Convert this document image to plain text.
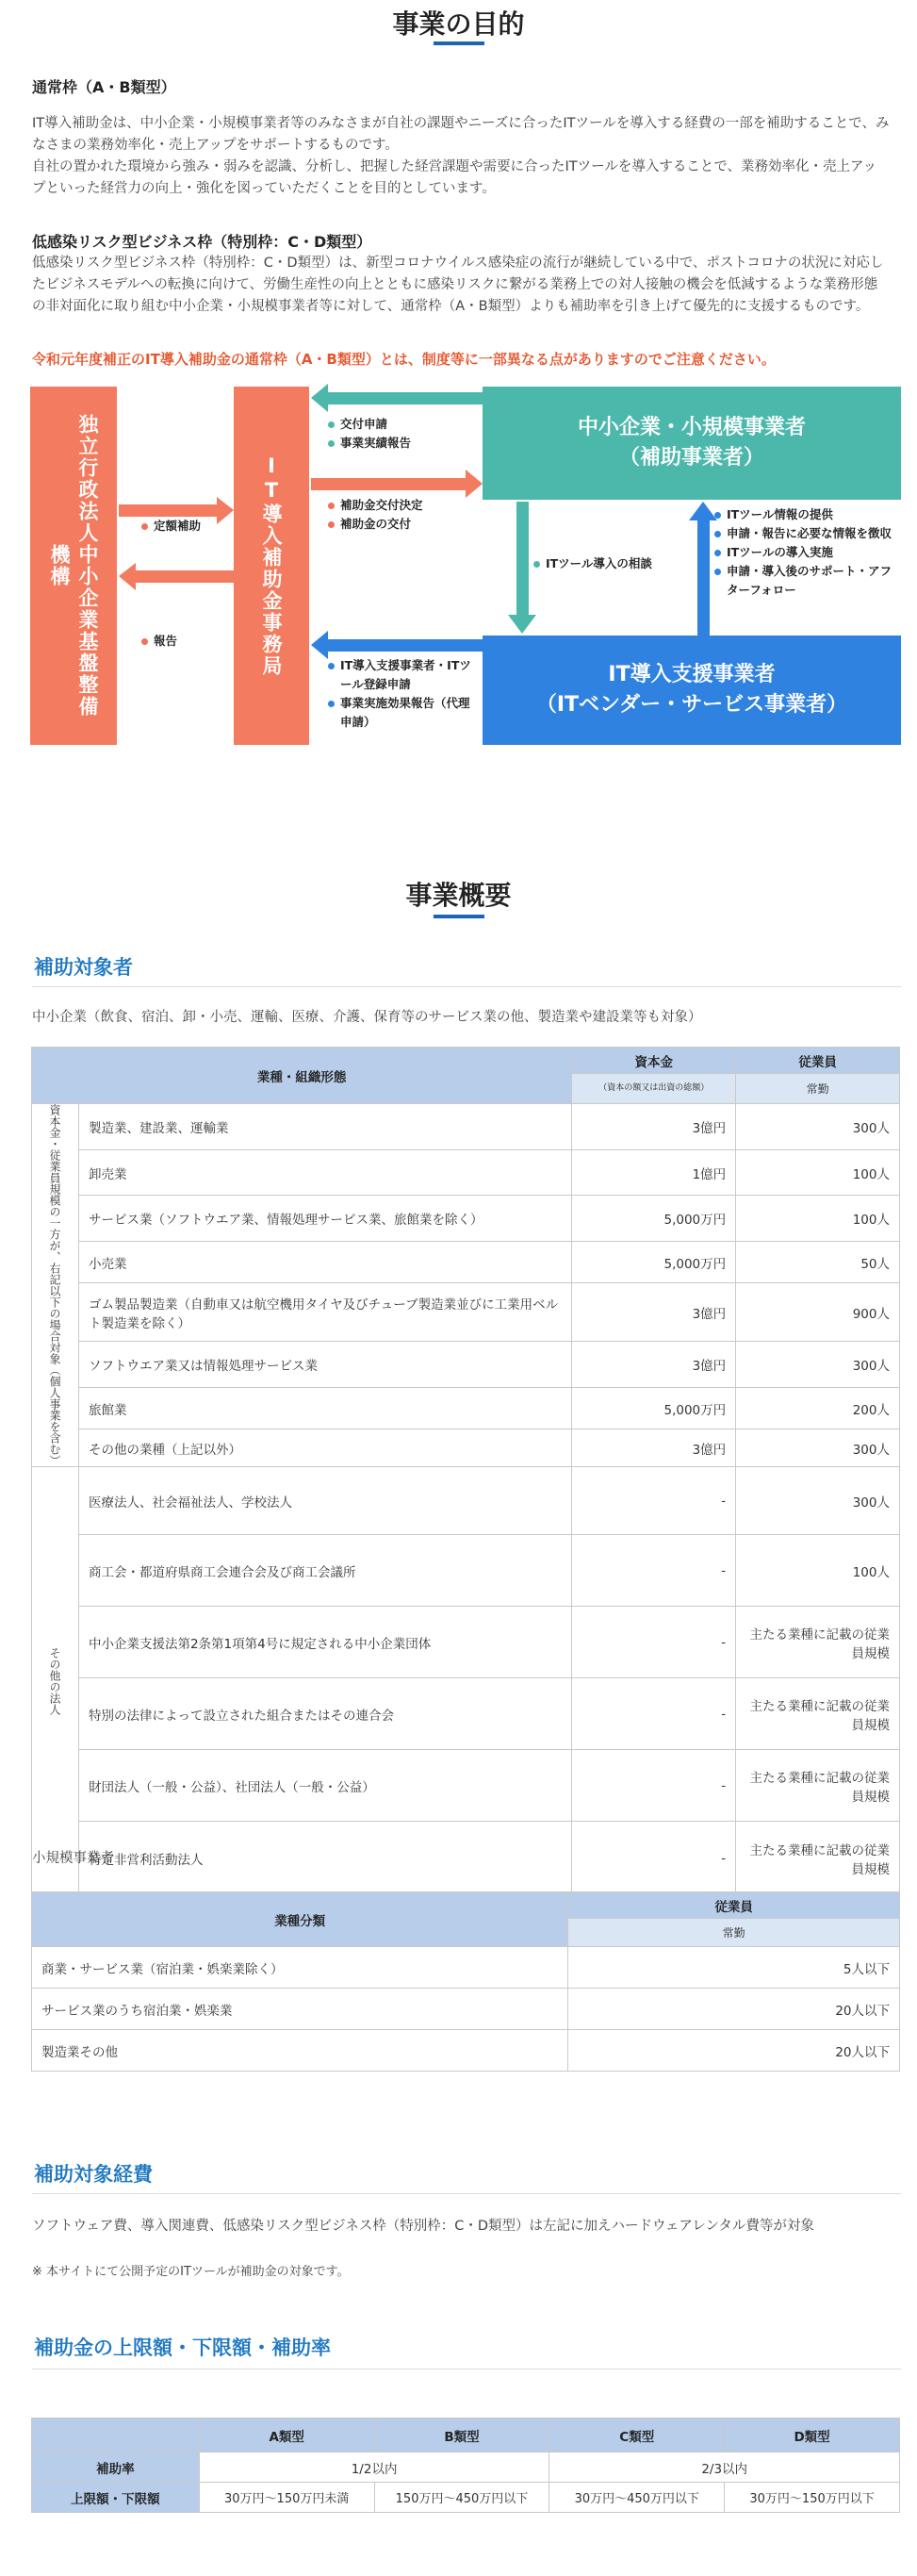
事業の目的
通常枠（A・B類型）
IT導入補助金は、中小企業・小規模事業者等のみなさまが自社の課題やニーズに合ったITツールを導入する経費の一部を補助することで、みなさまの業務効率化・売上アップをサポートするものです。
自社の置かれた環境から強み・弱みを認識、分析し、把握した経営課題や需要に合ったITツールを導入することで、業務効率化・売上アップといった経営力の向上・強化を図っていただくことを目的としています。
低感染リスク型ビジネス枠（特別枠：C・D類型）
低感染リスク型ビジネス枠（特別枠：C・D類型）は、新型コロナウイルス感染症の流行が継続している中で、ポストコロナの状況に対応したビジネスモデルへの転換に向けて、労働生産性の向上とともに感染リスクに繋がる業務上での対人接触の機会を低減するような業務形態の非対面化に取り組む中小企業・小規模事業者等に対して、通常枠（A・B類型）よりも補助率を引き上げて優先的に支援するものです。
令和元年度補正のIT導入補助金の通常枠（A・B類型）とは、制度等に一部異なる点がありますのでご注意ください。
独立行政法人中小企業基盤整備機構	IT導入補助金事務局
中小企業・小規模事業者
（補助事業者）
IT導入支援事業者
（ITベンダー・サービス事業者）
定額補助
報告
交付申請
事業実績報告
補助金交付決定
補助金の交付
IT導入支援事業者・ITツール登録申請
事業実施効果報告（代理申請）
ITツール導入の相談
ITツール情報の提供
申請・報告に必要な情報を徴収
ITツールの導入実施
申請・導入後のサポート・アフターフォロー
事業概要
補助対象者
中小企業（飲食、宿泊、卸・小売、運輸、医療、介護、保育等のサービス業の他、製造業や建設業等も対象）
業種・組織形態		資本金	従業員
		（資本の額又は出資の総額）	常勤
資本金・従業員規模の一方が、右記以下の場合対象（個人事業を含む）	製造業、建設業、運輸業	3億円	300人
	卸売業	1億円	100人
	サービス業（ソフトウエア業、情報処理サービス業、旅館業を除く）	5,000万円	100人
	小売業	5,000万円	50人
	ゴム製品製造業（自動車又は航空機用タイヤ及びチューブ製造業並びに工業用ベルト製造業を除く）	3億円	900人
	ソフトウエア業又は情報処理サービス業	3億円	300人
	旅館業	5,000万円	200人
	その他の業種（上記以外）	3億円	300人
その他の法人	医療法人、社会福祉法人、学校法人	-	300人
	商工会・都道府県商工会連合会及び商工会議所	-	100人
	中小企業支援法第2条第1項第4号に規定される中小企業団体	-	主たる業種に記載の従業員規模
	特別の法律によって設立された組合またはその連合会	-	主たる業種に記載の従業員規模
	財団法人（一般・公益）、社団法人（一般・公益）	-	主たる業種に記載の従業員規模
	特定非営利活動法人	-	主たる業種に記載の従業員規模
小規模事業者
業種分類	従業員
	常勤
商業・サービス業（宿泊業・娯楽業除く）	5人以下
サービス業のうち宿泊業・娯楽業	20人以下
製造業その他	20人以下
補助対象経費
ソフトウェア費、導入関連費、低感染リスク型ビジネス枠（特別枠：C・D類型）は左記に加えハードウェアレンタル費等が対象
※ 本サイトにて公開予定のITツールが補助金の対象です。
補助金の上限額・下限額・補助率
	A類型	B類型	C類型	D類型
補助率	1/2以内		2/3以内	
上限額・下限額	30万円〜150万円未満	150万円〜450万円以下	30万円〜450万円以下	30万円〜150万円以下
